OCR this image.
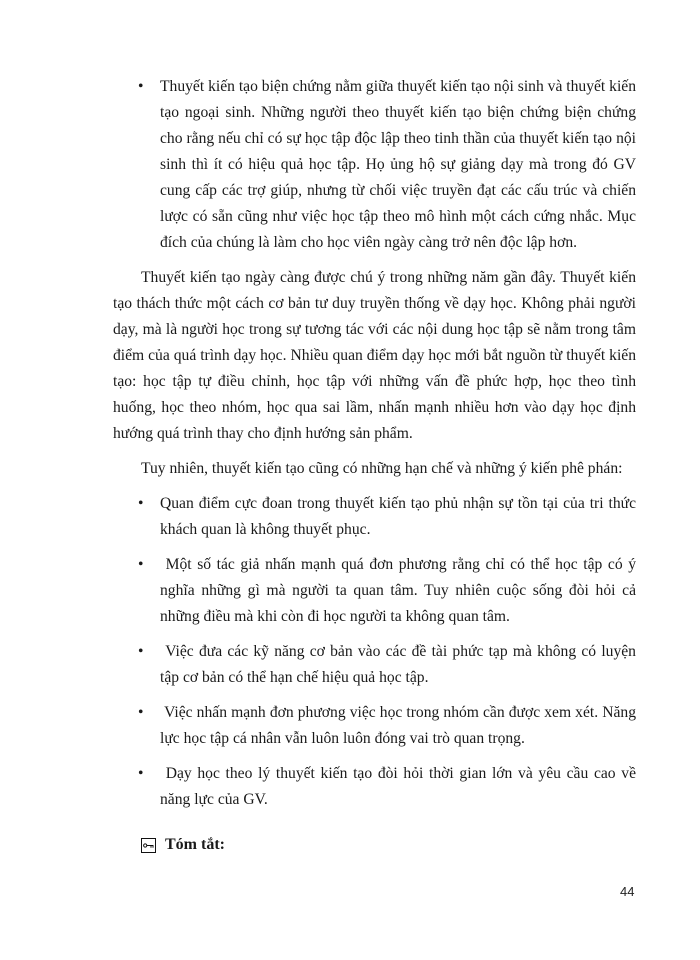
•	Thuyết kiến tạo biện chứng nằm giữa thuyết kiến tạo nội sinh và thuyết kiến tạo ngoại sinh. Những người theo thuyết kiến tạo biện chứng biện chứng cho rằng nếu chỉ có sự học tập độc lập theo tinh thần của thuyết kiến tạo nội sinh thì ít có hiệu quả học tập. Họ ủng hộ sự giảng dạy mà trong đó GV cung cấp các trợ giúp, nhưng từ chối việc truyền đạt các cấu trúc và chiến lược có sẵn cũng như việc học tập theo mô hình một cách cứng nhắc. Mục đích của chúng là làm cho học viên ngày càng trở nên độc lập hơn.

Thuyết kiến tạo ngày càng được chú ý trong những năm gần đây. Thuyết kiến tạo thách thức một cách cơ bản tư duy truyền thống về dạy học. Không phải người dạy, mà là người học trong sự tương tác với các nội dung học tập sẽ nằm trong tâm điểm của quá trình dạy học. Nhiều quan điểm dạy học mới bắt nguồn từ thuyết kiến tạo: học tập tự điều chỉnh, học tập với những vấn đề phức hợp, học theo tình huống, học theo nhóm, học qua sai lầm, nhấn mạnh nhiều hơn vào dạy học định hướng quá trình thay cho định hướng sản phẩm.

Tuy nhiên, thuyết kiến tạo cũng có những hạn chế và những ý kiến phê phán:

•	Quan điểm cực đoan trong thuyết kiến tạo phủ nhận sự tồn tại của tri thức khách quan là không thuyết phục.
•	Một số tác giả nhấn mạnh quá đơn phương rằng chỉ có thể học tập có ý nghĩa những gì mà người ta quan tâm. Tuy nhiên cuộc sống đòi hỏi cả những điều mà khi còn đi học người ta không quan tâm.
•	Việc đưa các kỹ năng cơ bản vào các đề tài phức tạp mà không có luyện tập cơ bản có thể hạn chế hiệu quả học tập.
•	Việc nhấn mạnh đơn phương việc học trong nhóm cần được xem xét. Năng lực học tập cá nhân vẫn luôn luôn đóng vai trò quan trọng.
•	Dạy học theo lý thuyết kiến tạo đòi hỏi thời gian lớn và yêu cầu cao về năng lực của GV.
Tóm tắt:
44
